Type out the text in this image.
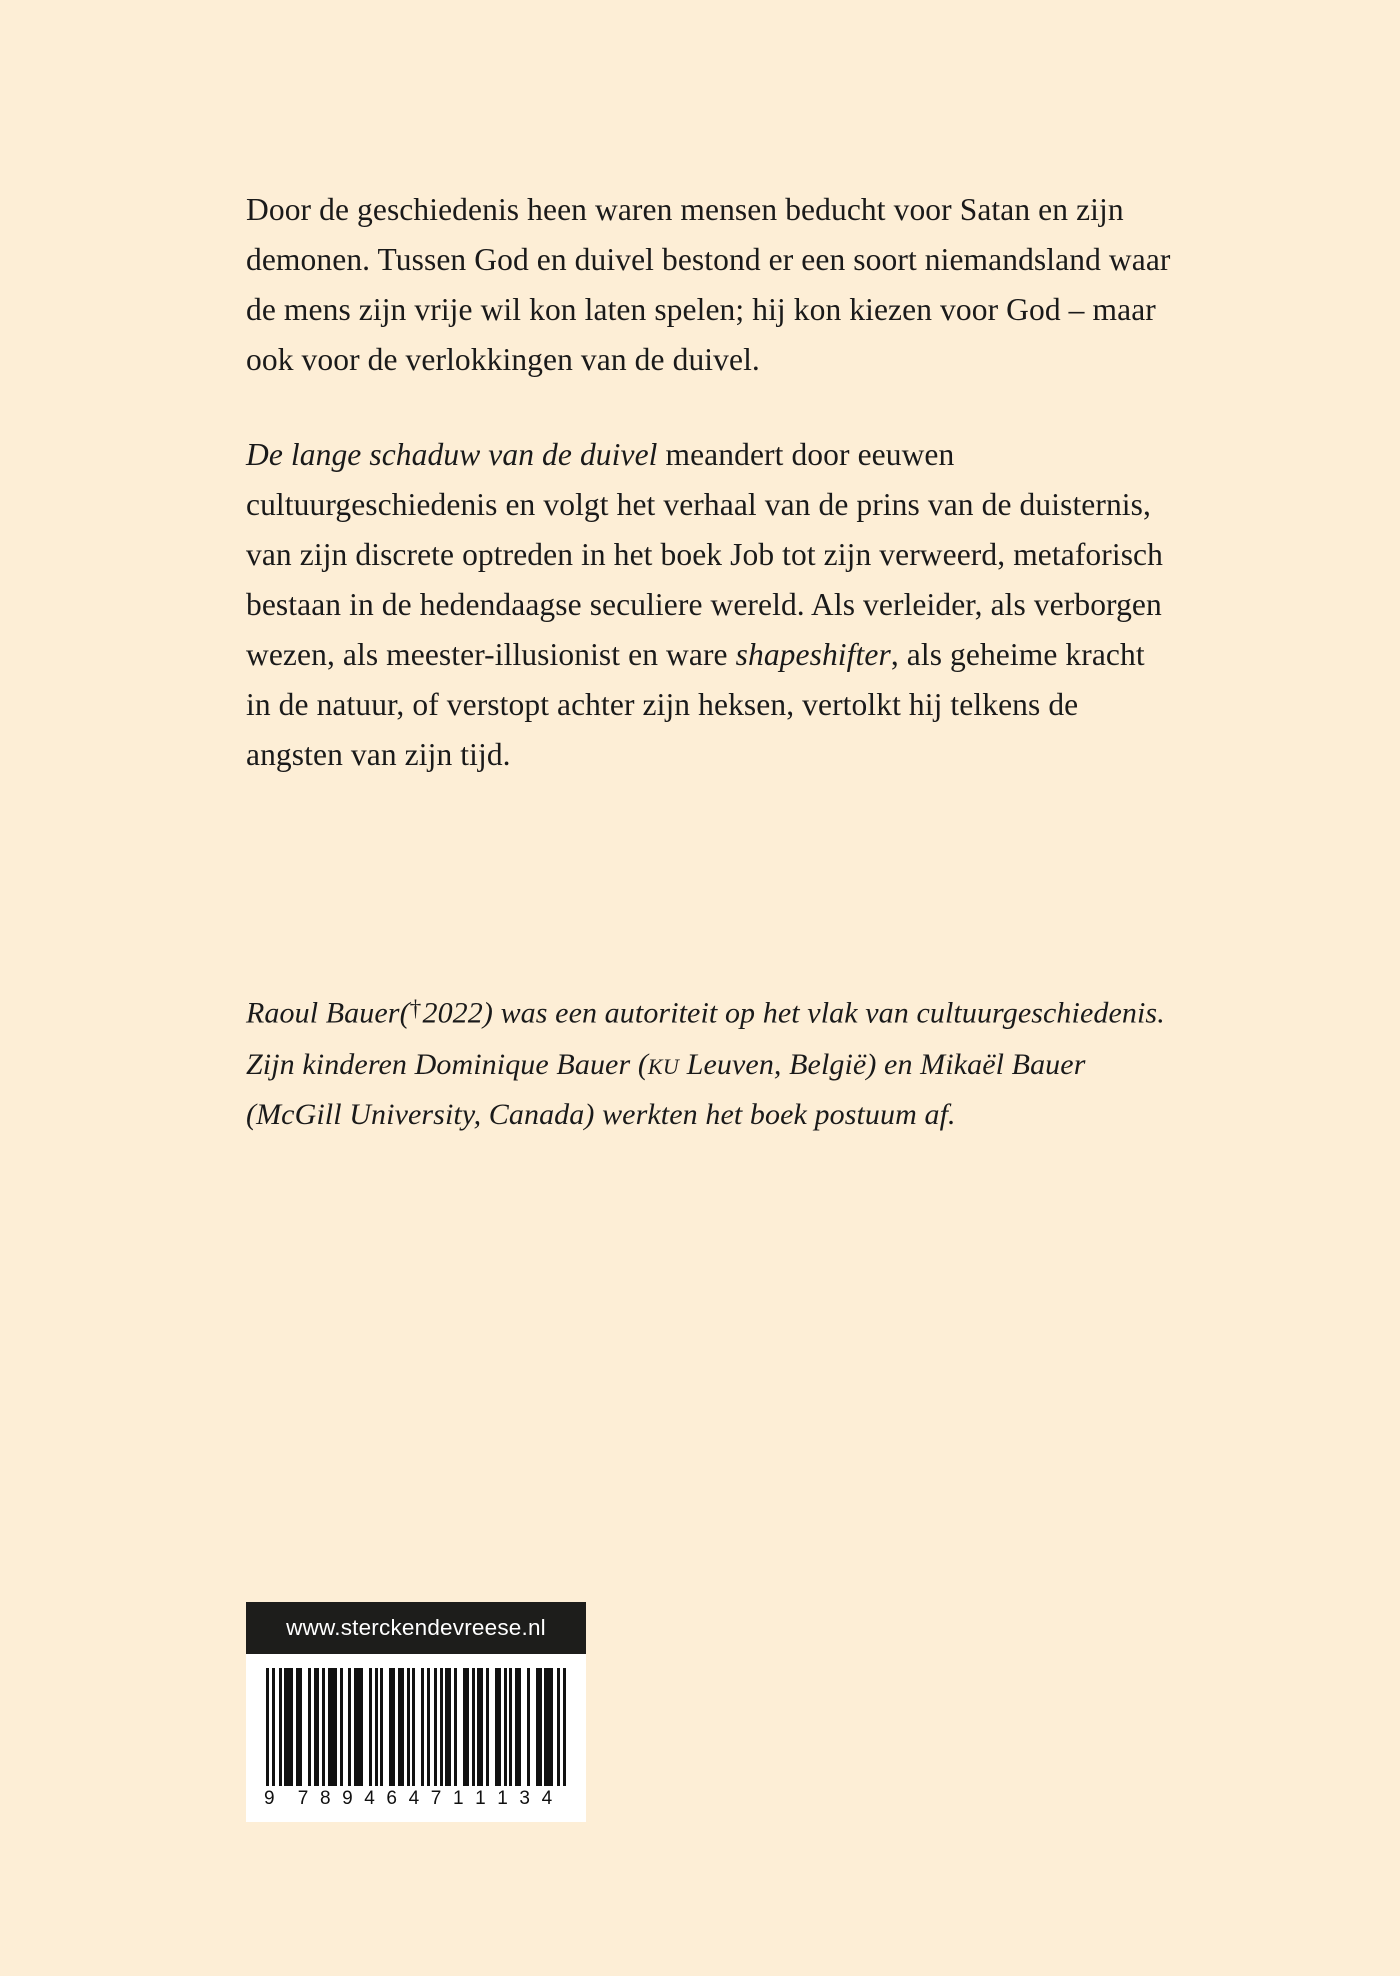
Door de geschiedenis heen waren mensen beducht voor Satan en zijn demonen. Tussen God en duivel bestond er een soort niemandsland waar de mens zijn vrije wil kon laten spelen; hij kon kiezen voor God – maar ook voor de verlokkingen van de duivel.

De lange schaduw van de duivel meandert door eeuwen cultuurgeschiedenis en volgt het verhaal van de prins van de duisternis, van zijn discrete optreden in het boek Job tot zijn verweerd, metaforisch bestaan in de hedendaagse seculiere wereld. Als verleider, als verborgen wezen, als meester-illusionist en ware shapeshifter, als geheime kracht in de natuur, of verstopt achter zijn heksen, vertolkt hij telkens de angsten van zijn tijd.

Raoul Bauer(†2022) was een autoriteit op het vlak van cultuurgeschiedenis. Zijn kinderen Dominique Bauer (ku Leuven, België) en Mikaël Bauer (McGill University, Canada) werkten het boek postuum af.

www.sterckendevreese.nl
9	7 8 9 4 6 4 7 1 1 1 3 4
